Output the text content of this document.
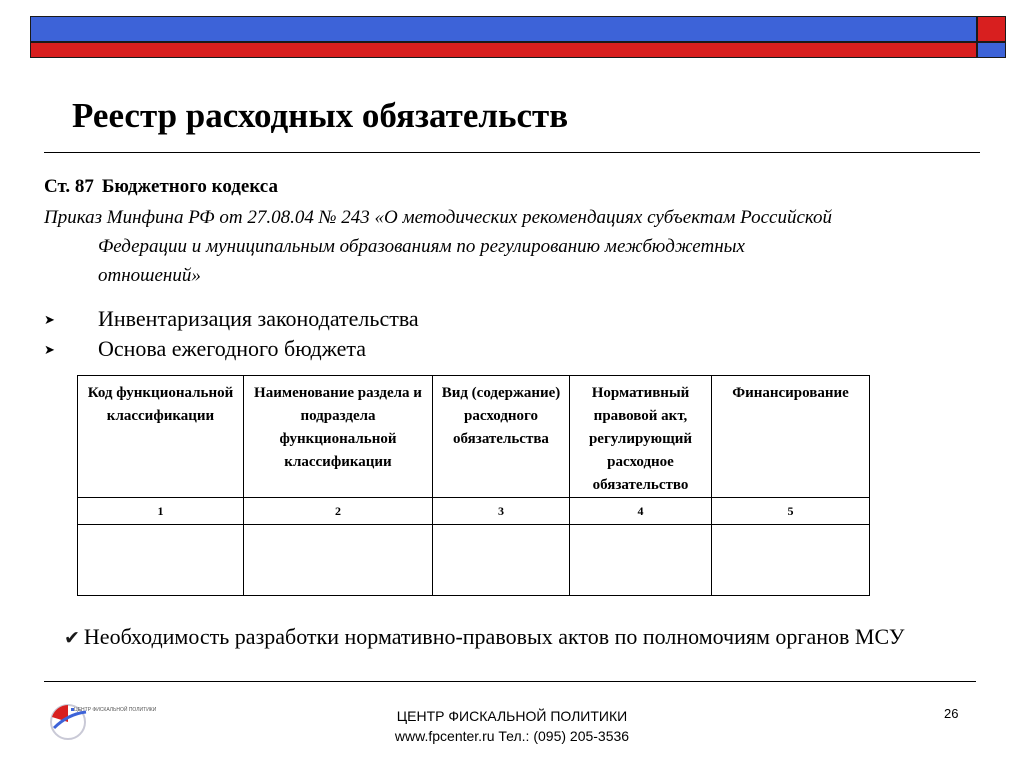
Реестр расходных обязательств
Ст. 87 Бюджетного кодекса
Приказ Минфина РФ от 27.08.04 № 243 «О методических рекомендациях субъектам Российской
Федерации и муниципальным образованиям по регулированию межбюджетных
отношений»
➤ Инвентаризация законодательства
➤ Основа ежегодного бюджета
Код функциональной классификации	Наименование раздела и подраздела функциональной классификации	Вид (содержание) расходного обязательства	Нормативный правовой акт, регулирующий расходное обязательство	Финансирование
1	2	3	4	5

✔ Необходимость разработки нормативно-правовых актов по полномочиям органов МСУ
ЦЕНТР ФИСКАЛЬНОЙ ПОЛИТИКИ	ЦЕНТР ФИСКАЛЬНОЙ ПОЛИТИКИ
www.fpcenter.ru Тел.: (095) 205-3536
26
